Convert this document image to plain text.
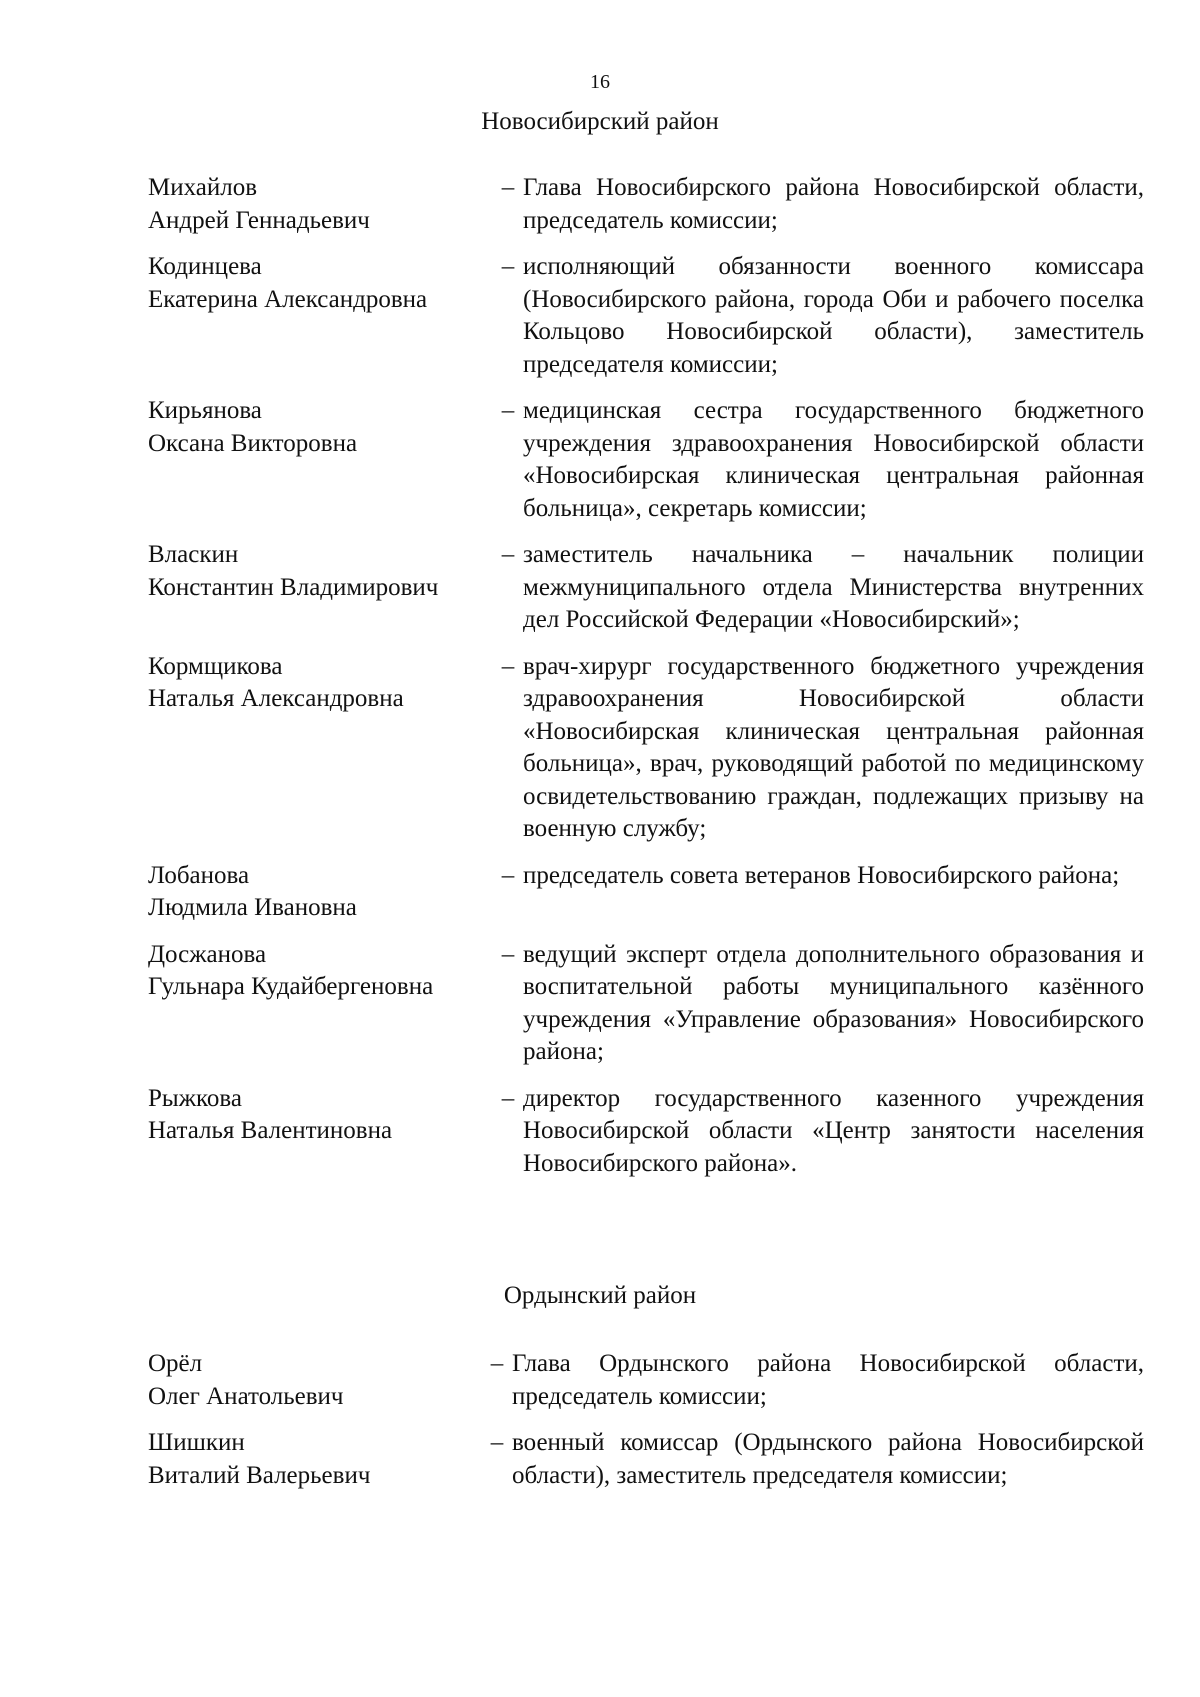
16
Новосибирский район
Михайлов
Андрей Геннадьевич
– Глава Новосибирского района Новосибирской области, председатель комиссии;
Кодинцева
Екатерина Александровна
– исполняющий обязанности военного комиссара (Новосибирского района, города Оби и рабочего поселка Кольцово Новосибирской области), заместитель председателя комиссии;
Кирьянова
Оксана Викторовна
– медицинская сестра государственного бюджетного учреждения здравоохранения Новосибирской области «Новосибирская клиническая центральная районная больница», секретарь комиссии;
Власкин
Константин Владимирович
– заместитель начальника – начальник полиции межмуниципального отдела Министерства внутренних дел Российской Федерации «Новосибирский»;
Кормщикова
Наталья Александровна
– врач-хирург государственного бюджетного учреждения здравоохранения Новосибирской области «Новосибирская клиническая центральная районная больница», врач, руководящий работой по медицинскому освидетельствованию граждан, подлежащих призыву на военную службу;
Лобанова
Людмила Ивановна
– председатель совета ветеранов Новосибирского района;
Досжанова
Гульнара Кудайбергеновна
– ведущий эксперт отдела дополнительного образования и воспитательной работы муниципального казённого учреждения «Управление образования» Новосибирского района;
Рыжкова
Наталья Валентиновна
– директор государственного казенного учреждения Новосибирской области «Центр занятости населения Новосибирского района».
Ордынский район
Орёл
Олег Анатольевич
– Глава Ордынского района Новосибирской области, председатель комиссии;
Шишкин
Виталий Валерьевич
– военный комиссар (Ордынского района Новосибирской области), заместитель председателя комиссии;
